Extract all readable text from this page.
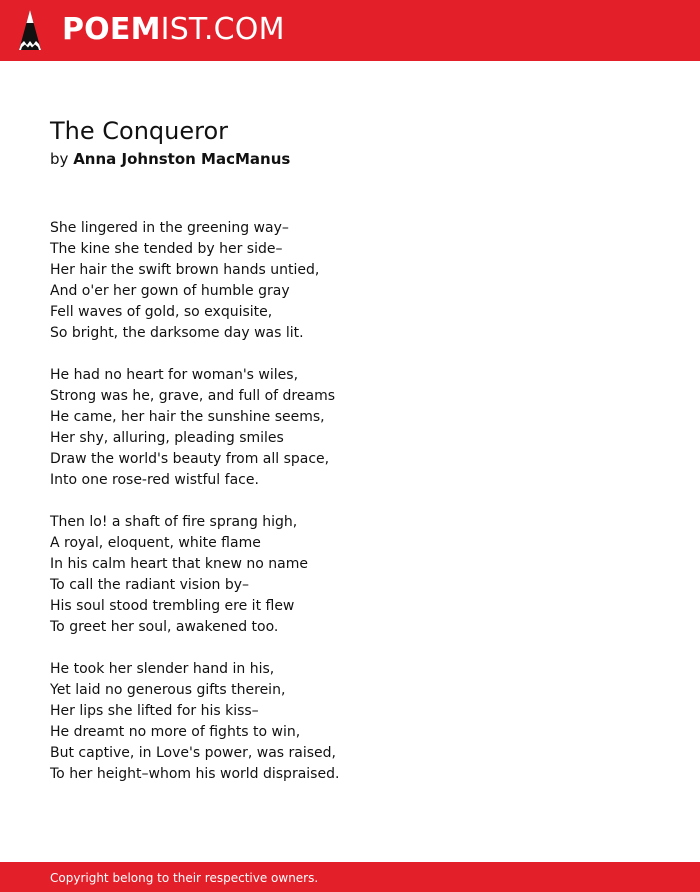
POEMIST.COM
The Conqueror
by Anna Johnston MacManus
She lingered in the greening way–
The kine she tended by her side–
Her hair the swift brown hands untied,
And o'er her gown of humble gray
Fell waves of gold, so exquisite,
So bright, the darksome day was lit.
He had no heart for woman's wiles,
Strong was he, grave, and full of dreams
He came, her hair the sunshine seems,
Her shy, alluring, pleading smiles
Draw the world's beauty from all space,
Into one rose-red wistful face.
Then lo! a shaft of fire sprang high,
A royal, eloquent, white flame
In his calm heart that knew no name
To call the radiant vision by–
His soul stood trembling ere it flew
To greet her soul, awakened too.
He took her slender hand in his,
Yet laid no generous gifts therein,
Her lips she lifted for his kiss–
He dreamt no more of fights to win,
But captive, in Love's power, was raised,
To her height–whom his world dispraised.
Copyright belong to their respective owners.
